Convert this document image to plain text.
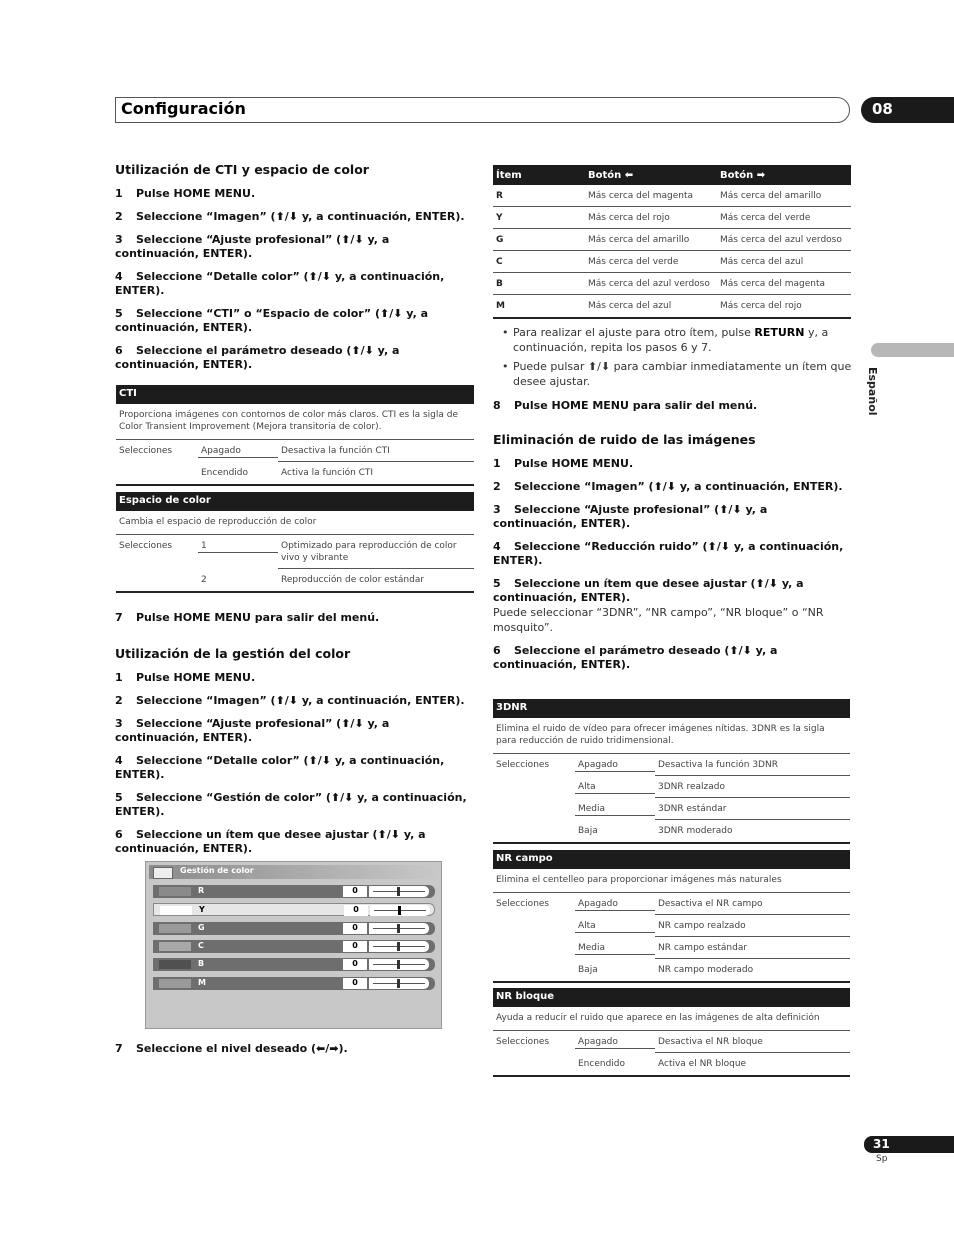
Configuración	08
Español
Utilización de CTI y espacio de color
1 Pulse HOME MENU.
2 Seleccione “Imagen” (⬆/⬇ y, a continuación, ENTER).
3 Seleccione “Ajuste profesional” (⬆/⬇ y, a continuación, ENTER).
4 Seleccione “Detalle color” (⬆/⬇ y, a continuación, ENTER).
5 Seleccione “CTI” o “Espacio de color” (⬆/⬇ y, a continuación, ENTER).
6 Seleccione el parámetro deseado (⬆/⬇ y, a continuación, ENTER).
CTI
Proporciona imágenes con contornos de color más claros. CTI es la sigla de Color Transient Improvement (Mejora transitoria de color).
Selecciones	Apagado	Desactiva la función CTI
Encendido	Activa la función CTI
Espacio de color
Cambia el espacio de reproducción de color
Selecciones	1	Optimizado para reproducción de color vivo y vibrante
2	Reproducción de color estándar
7 Pulse HOME MENU para salir del menú.
Utilización de la gestión del color
1 Pulse HOME MENU.
2 Seleccione “Imagen” (⬆/⬇ y, a continuación, ENTER).
3 Seleccione “Ajuste profesional” (⬆/⬇ y, a continuación, ENTER).
4 Seleccione “Detalle color” (⬆/⬇ y, a continuación, ENTER).
5 Seleccione “Gestión de color” (⬆/⬇ y, a continuación, ENTER).
6 Seleccione un ítem que desee ajustar (⬆/⬇ y, a continuación, ENTER).
Gestión de color
R	0
Y	0
G	0
C	0
B	0
M	0
7 Seleccione el nivel deseado (⬅/➡).
Ítem	Botón ⬅	Botón ➡
R	Más cerca del magenta	Más cerca del amarillo
Y	Más cerca del rojo	Más cerca del verde
G	Más cerca del amarillo	Más cerca del azul verdoso
C	Más cerca del verde	Más cerca del azul
B	Más cerca del azul verdoso	Más cerca del magenta
M	Más cerca del azul	Más cerca del rojo
• Para realizar el ajuste para otro ítem, pulse RETURN y, a continuación, repita los pasos 6 y 7.
• Puede pulsar ⬆/⬇ para cambiar inmediatamente un ítem que desee ajustar.
8 Pulse HOME MENU para salir del menú.
Eliminación de ruido de las imágenes
1 Pulse HOME MENU.
2 Seleccione “Imagen” (⬆/⬇ y, a continuación, ENTER).
3 Seleccione “Ajuste profesional” (⬆/⬇ y, a continuación, ENTER).
4 Seleccione “Reducción ruido” (⬆/⬇ y, a continuación, ENTER).
5 Seleccione un ítem que desee ajustar (⬆/⬇ y, a continuación, ENTER).
Puede seleccionar “3DNR”, “NR campo”, “NR bloque” o “NR mosquito”.
6 Seleccione el parámetro deseado (⬆/⬇ y, a continuación, ENTER).
3DNR
Elimina el ruido de vídeo para ofrecer imágenes nítidas. 3DNR es la sigla para reducción de ruido tridimensional.
Selecciones	Apagado	Desactiva la función 3DNR
Alta	3DNR realzado
Media	3DNR estándar
Baja	3DNR moderado
NR campo
Elimina el centelleo para proporcionar imágenes más naturales
Selecciones	Apagado	Desactiva el NR campo
Alta	NR campo realzado
Media	NR campo estándar
Baja	NR campo moderado
NR bloque
Ayuda a reducir el ruido que aparece en las imágenes de alta definición
Selecciones	Apagado	Desactiva el NR bloque
Encendido	Activa el NR bloque
31
Sp
